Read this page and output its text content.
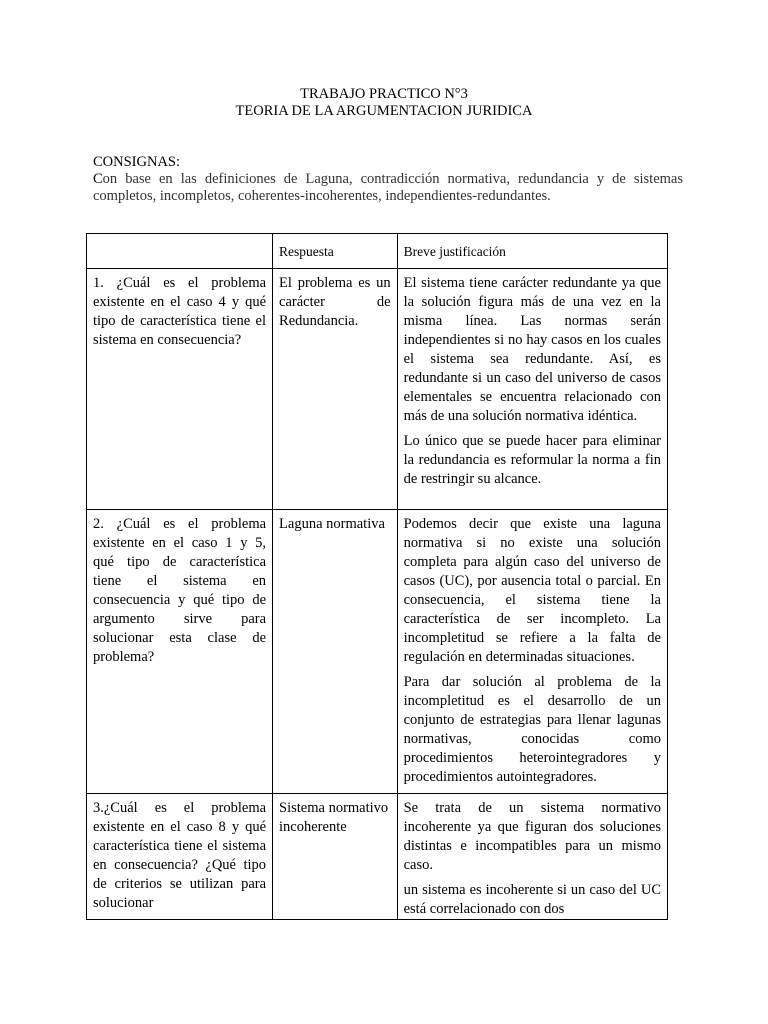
TRABAJO PRACTICO N°3
TEORIA DE LA ARGUMENTACION JURIDICA
CONSIGNAS:
Con base en las definiciones de Laguna, contradicción normativa, redundancia y de sistemas completos, incompletos, coherentes-incoherentes, independientes-redundantes.
	Respuesta	Breve justificación

1. ¿Cuál es el problema existente en el caso 4 y qué tipo de característica tiene el sistema en consecuencia?	El problema es un carácter de Redundancia.	El sistema tiene carácter redundante ya que la solución figura más de una vez en la misma línea. Las normas serán independientes si no hay casos en los cuales el sistema sea redundante. Así, es redundante si un caso del universo de casos elementales se encuentra relacionado con más de una solución normativa idéntica.

Lo único que se puede hacer para eliminar la redundancia es reformular la norma a fin de restringir su alcance.

2. ¿Cuál es el problema existente en el caso 1 y 5, qué tipo de característica tiene el sistema en consecuencia y qué tipo de argumento sirve para solucionar esta clase de problema?	Laguna normativa	Podemos decir que existe una laguna normativa si no existe una solución completa para algún caso del universo de casos (UC), por ausencia total o parcial. En consecuencia, el sistema tiene la característica de ser incompleto. La incompletitud se refiere a la falta de regulación en determinadas situaciones.

Para dar solución al problema de la incompletitud es el desarrollo de un conjunto de estrategias para llenar lagunas normativas, conocidas como procedimientos heterointegradores y procedimientos autointegradores.

3.¿Cuál es el problema existente en el caso 8 y qué característica tiene el sistema en consecuencia? ¿Qué tipo de criterios se utilizan para solucionar	Sistema normativo incoherente	Se trata de un sistema normativo incoherente ya que figuran dos soluciones distintas e incompatibles para un mismo caso.

un sistema es incoherente si un caso del UC está correlacionado con dos
